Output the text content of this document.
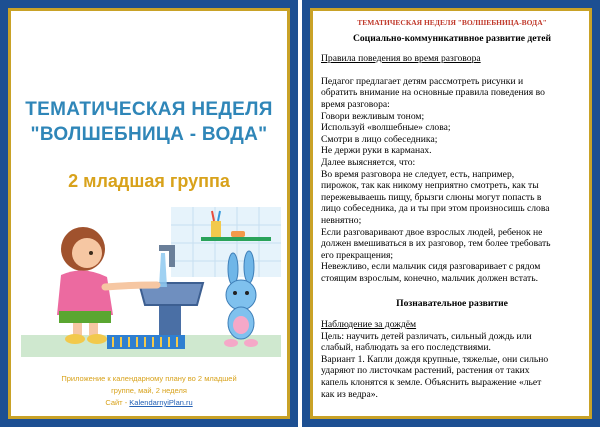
ТЕМАТИЧЕСКАЯ НЕДЕЛЯ
"ВОЛШЕБНИЦА - ВОДА"
2 младшая группа
Приложение к календарному плану во 2 младшей
группе, май, 2 неделя
Сайт - KalendarnyiPlan.ru
ТЕМАТИЧЕСКАЯ НЕДЕЛЯ "ВОЛШЕБНИЦА-ВОДА"
Социально-коммуникативное развитие детей
Правила поведения во время разговора
Педагог предлагает детям рассмотреть рисунки и
обратить внимание на основные правила поведения во
время разговора:
Говори вежливым тоном;
Используй «волшебные» слова;
Смотри в лицо собеседника;
Не держи руки в карманах.
Далее выясняется, что:
Во время разговора не следует, есть, например,
пирожок, так как никому неприятно смотреть, как ты
пережевываешь пищу, брызги слюны могут попасть в
лицо собеседника, да и ты при этом произносишь слова
невнятно;
Если разговаривают двое взрослых людей, ребенок не
должен вмешиваться в их разговор, тем более требовать
его прекращения;
Невежливо, если мальчик сидя разговаривает с рядом
стоящим взрослым, конечно, мальчик должен встать.
Познавательное развитие
Наблюдение за дождём
Цель: научить детей различать, сильный дождь или
слабый, наблюдать за его последствиями.
Вариант 1. Капли дождя крупные, тяжелые, они сильно
ударяют по листочкам растений, растения от таких
капель клонятся к земле. Объяснить выражение «льет
как из ведра».
